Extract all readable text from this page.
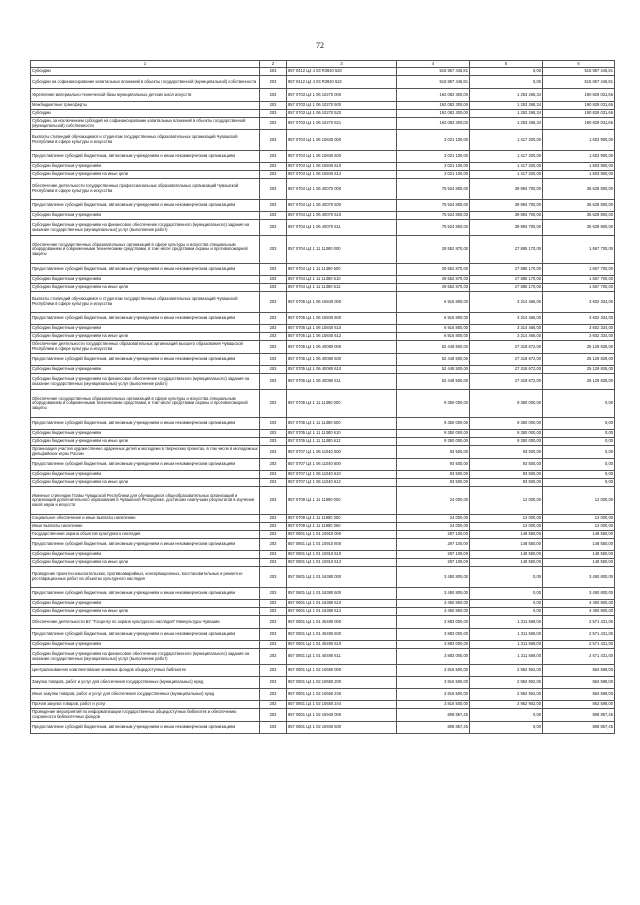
72
1	2	3	4	5	6
Субсидии	203	857 0412 Ц4 4 03 R3840 520	515 957 446,81	0,00	515 957 446,81
Субсидии на софинансирование капитальных вложений в объекты государственной (муниципальной) собственности	203	857 0412 Ц4 4 03 R3840 522	515 957 446,81	0,00	515 957 446,81
Укрепление материально-технической базы муниципальных детских школ искусств	203	857 0703 Ц4 1 06 10270 000	192 082 300,00	1 253 268,34	190 829 031,66
Межбюджетные трансферты	203	857 0703 Ц4 1 06 10270 500	192 082 300,00	1 253 268,34	190 829 031,66
Субсидии	203	857 0703 Ц4 1 06 10270 520	192 082 300,00	1 253 268,34	190 829 031,66
Субсидии, за исключением субсидий на софинансирование капитальных вложений в объекты государственной (муниципальной) собственности	203	857 0703 Ц4 1 06 10270 521	192 082 300,00	1 253 268,34	190 829 031,66
Выплаты стипендий обучающимся и студентам государственных образовательных организаций Чувашской Республики в сфере культуры и искусства	203	857 0704 Ц4 1 06 10840 000	3 021 100,00	1 417 200,00	1 603 900,00
Предоставление субсидий бюджетным, автономным учреждениям и иным некоммерческим организациям	203	857 0704 Ц4 1 06 10840 600	3 021 100,00	1 417 200,00	1 603 900,00
Субсидии бюджетным учреждениям	203	857 0704 Ц4 1 06 10840 610	3 021 100,00	1 417 200,00	1 603 900,00
Субсидии бюджетным учреждениям на иные цели	203	857 0704 Ц4 1 06 10840 612	3 021 100,00	1 417 200,00	1 603 900,00
Обеспечение деятельности государственных профессиональных образовательных организаций Чувашской Республики в сфере культуры и искусства	203	857 0704 Ц4 1 06 40070 000	75 524 800,00	39 894 700,00	35 629 800,00
Предоставление субсидий бюджетным, автономным учреждениям и иным некоммерческим организациям	203	857 0704 Ц4 1 06 40070 600	75 524 800,00	39 894 700,00	35 629 800,00
Субсидии бюджетным учреждениям	203	857 0704 Ц4 1 06 40070 610	75 524 800,00	39 894 700,00	35 629 800,00
Субсидии бюджетным учреждениям на финансовое обеспечение государственного (муниципального) задания на оказание государственных (муниципальных) услуг (выполнение работ)	203	857 0704 Ц4 1 06 40070 611	75 524 800,00	39 894 700,00	35 629 800,00
Обеспечение государственных образовательных организаций в сфере культуры и искусства специальным оборудованием и современными техническими средствами, в том числе средствами охраны и противопожарной защиты	203	857 0704 Ц4 1 11 11380 000	29 552 870,00	27 885 170,00	1 667 700,00
Предоставление субсидий бюджетным, автономным учреждениям и иным некоммерческим организациям	203	857 0704 Ц4 1 11 11380 600	29 552 870,00	27 885 170,00	1 667 700,00
Субсидии бюджетным учреждениям	203	857 0704 Ц4 1 11 11380 610	29 552 870,00	27 885 170,00	1 667 700,00
Субсидии бюджетным учреждениям на иные цели	203	857 0704 Ц4 1 11 11380 612	29 552 870,00	27 885 170,00	1 667 700,00
Выплаты стипендий обучающимся и студентам государственных образовательных организаций Чувашской Республики в сфере культуры и искусства	203	857 0705 Ц4 1 06 10840 000	6 916 800,00	3 314 466,00	3 602 334,00
Предоставление субсидий бюджетным, автономным учреждениям и иным некоммерческим организациям	203	857 0705 Ц4 1 06 10840 600	6 916 800,00	3 314 466,00	3 602 334,00
Субсидии бюджетным учреждениям	203	857 0705 Ц4 1 06 10840 610	6 916 800,00	3 314 466,00	3 602 334,00
Субсидии бюджетным учреждениям на иные цели	203	857 0705 Ц4 1 06 10840 612	6 916 800,00	3 314 466,00	3 602 334,00
Обеспечение деятельности государственных образовательных организаций высшего образования Чувашской Республики в сфере культуры и искусства	203	857 0705 Ц4 1 06 40080 000	52 448 500,00	27 318 672,00	25 129 828,00
Предоставление субсидий бюджетным, автономным учреждениям и иным некоммерческим организациям	203	857 0705 Ц4 1 06 40080 600	52 448 500,00	27 318 672,00	25 129 828,00
Субсидии бюджетным учреждениям	203	857 0705 Ц4 1 06 40080 610	52 448 500,00	27 318 672,00	25 129 828,00
Субсидии бюджетным учреждениям на финансовое обеспечение государственного (муниципального) задания на оказание государственных (муниципальных) услуг (выполнение работ)	203	857 0705 Ц4 1 06 40080 611	52 448 500,00	27 318 672,00	25 129 828,00
Обеспечение государственных образовательных организаций в сфере культуры и искусства специальным оборудованием и современными техническими средствами, в том числе средствами охраны и противопожарной защиты	203	857 0705 Ц4 1 11 11380 000	9 350 000,00	9 350 000,00	0,00
Предоставление субсидий бюджетным, автономным учреждениям и иным некоммерческим организациям	203	857 0705 Ц4 1 11 11380 600	9 350 000,00	9 350 000,00	0,00
Субсидии бюджетным учреждениям	203	857 0705 Ц4 1 11 11380 610	9 350 000,00	9 350 000,00	0,00
Субсидии бюджетным учреждениям на иные цели	203	857 0705 Ц4 1 11 11380 612	9 350 000,00	9 350 000,00	0,00
Организация участия художественно одаренных детей и молодежи в творческих проектах, в том числе в молодежных Дельфийских играх России	203	857 0707 Ц4 1 06 11040 000	93 500,00	93 500,00	0,00
Предоставление субсидий бюджетным, автономным учреждениям и иным некоммерческим организациям	203	857 0707 Ц4 1 06 11040 600	93 500,00	93 500,00	0,00
Субсидии бюджетным учреждениям	203	857 0707 Ц4 1 06 11040 610	93 500,00	93 500,00	0,00
Субсидии бюджетным учреждениям на иные цели	203	857 0707 Ц4 1 06 11040 612	93 500,00	93 500,00	0,00
Именные стипендии Главы Чувашской Республики для обучающихся общеобразовательных организаций и организаций дополнительного образования в Чувашской Республике, достигших наилучших результатов в изучении какой науки и искусств	203	857 0709 Ц4 1 11 11890 000	24 000,00	12 000,00	12 000,00
Социальное обеспечение и иные выплаты населению	203	857 0709 Ц4 1 11 11890 300	24 000,00	12 000,00	12 000,00
Иные выплаты населению	203	857 0709 Ц4 1 11 11890 360	24 000,00	12 000,00	12 000,00
Государственная охрана объектов культурного наследия	203	857 0801 Ц4 1 01 10910 000	297 100,00	148 550,00	148 550,00
Предоставление субсидий бюджетным, автономным учреждениям и иным некоммерческим организациям	203	857 0801 Ц4 1 01 10910 600	297 100,00	148 550,00	148 550,00
Субсидии бюджетным учреждениям	203	857 0801 Ц4 1 01 10910 610	297 100,00	148 550,00	148 550,00
Субсидии бюджетным учреждениям на иные цели	203	857 0801 Ц4 1 01 10910 612	297 100,00	148 550,00	148 550,00
Проведение проектно-изыскательских, противоаварийных, консервационных, восстановительных и ремонтно-реставрационных работ на объектах культурного наследия	203	857 0801 Ц4 1 01 16380 000	3 450 800,00	0,00	3 450 800,00
Предоставление субсидий бюджетным, автономным учреждениям и иным некоммерческим организациям	203	857 0801 Ц4 1 01 16380 600	3 450 800,00	0,00	3 450 800,00
Субсидии бюджетным учреждениям	203	857 0801 Ц4 1 01 16380 610	3 450 800,00	0,00	3 450 800,00
Субсидии бюджетным учреждениям на иные цели	203	857 0801 Ц4 1 01 16380 612	3 450 800,00	0,00	3 450 800,00
Обеспечение деятельности БУ "Госцентр по охране культурного наследия" Минкультуры Чувашии	203	857 0801 Ц4 1 01 40490 000	3 883 000,00	1 311 569,00	2 571 431,00
Предоставление субсидий бюджетным, автономным учреждениям и иным некоммерческим организациям	203	857 0801 Ц4 1 01 40490 600	3 883 000,00	1 311 569,00	2 571 431,00
Субсидии бюджетным учреждениям	203	857 0801 Ц4 1 01 40490 610	3 883 000,00	1 311 569,00	2 571 431,00
Субсидии бюджетным учреждениям на финансовое обеспечение государственного (муниципального) задания на оказание государственных (муниципальных) услуг (выполнение работ)	203	857 0801 Ц4 1 01 40490 611	3 883 000,00	1 311 569,00	2 571 431,00
Централизованное комплектование книжных фондов общедоступных библиотек	203	857 0801 Ц4 1 02 10650 000	3 816 500,00	2 952 902,00	863 598,00
Закупка товаров, работ и услуг для обеспечения государственных (муниципальных) нужд	203	857 0801 Ц4 1 02 10650 200	3 816 500,00	2 952 902,00	863 598,00
Иные закупки товаров, работ и услуг для обеспечения государственных (муниципальных) нужд	203	857 0801 Ц4 1 02 10650 240	3 816 500,00	2 952 902,00	863 598,00
Прочая закупка товаров, работ и услуг	203	857 0801 Ц4 1 02 10650 244	3 816 500,00	2 952 902,00	863 598,00
Проведение мероприятий по информатизации государственных общедоступных библиотек и обеспечению сохранности библиотечных фондов	203	857 0801 Ц4 1 02 16940 000	808 857,45	0,00	808 857,45
Предоставление субсидий бюджетным, автономным учреждениям и иным некоммерческим организациям	203	857 0801 Ц4 1 02 16940 600	808 857,45	0,00	808 857,45
